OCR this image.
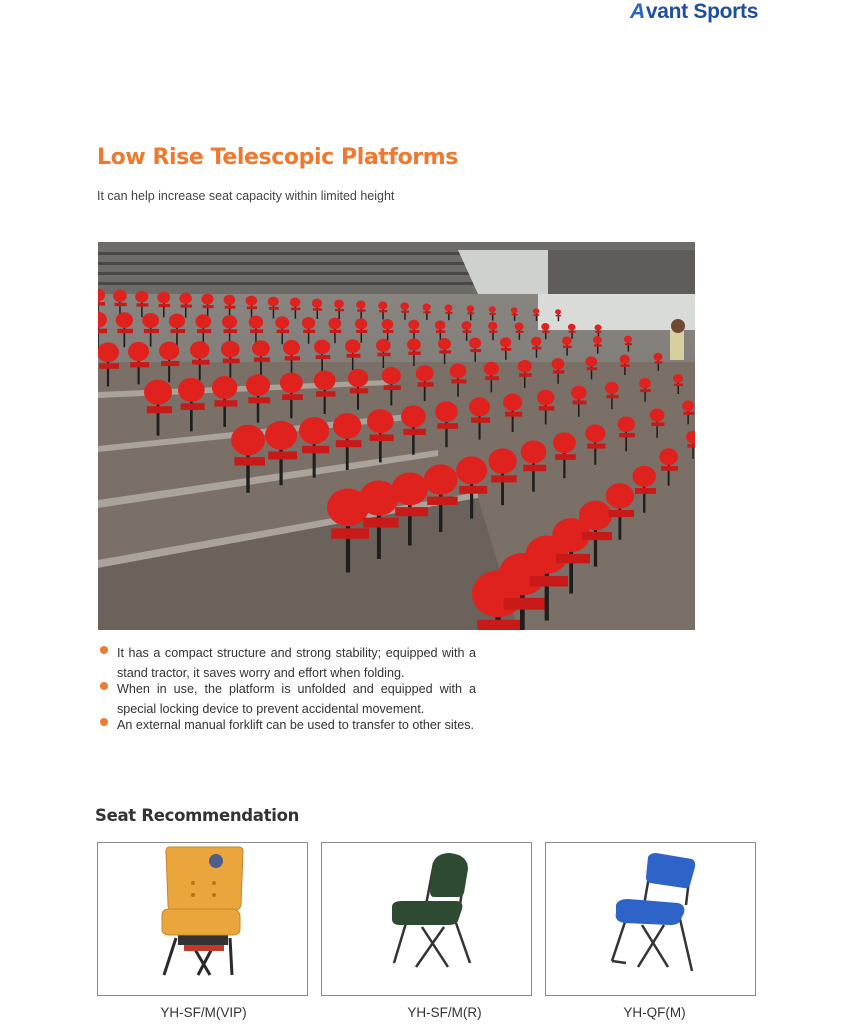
A vant Sports
Low Rise Telescopic Platforms

It can help increase seat capacity within limited height

It has a compact structure and strong stability; equipped with a stand tractor, it saves worry and effort when folding.
When in use, the platform is unfolded and equipped with a special locking device to prevent accidental movement.
An external manual forklift can be used to transfer to other sites.
Seat Recommendation
YH-SF/M(VIP)	YH-SF/M(R)	YH-QF(M)
